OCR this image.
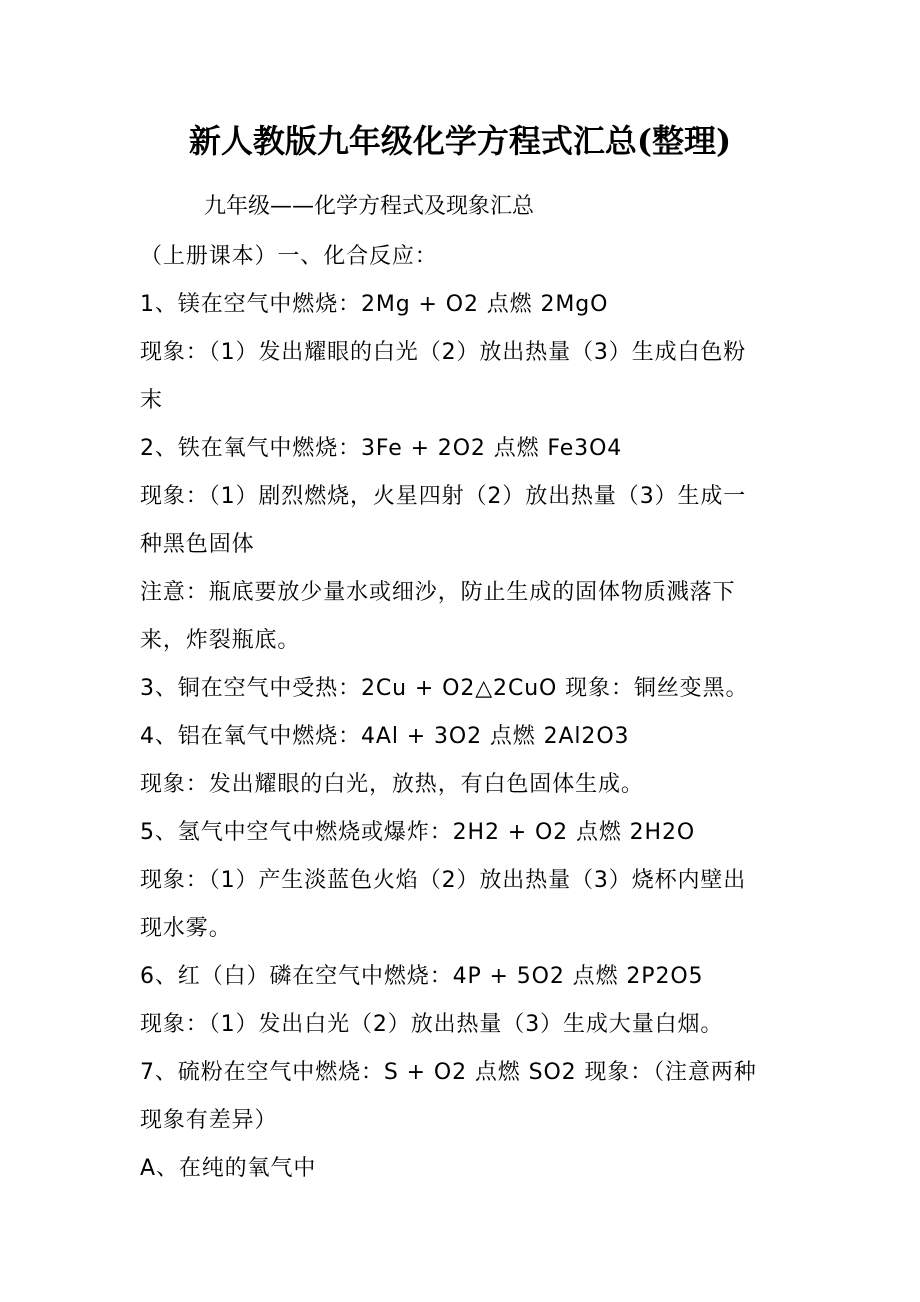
新人教版九年级化学方程式汇总(整理)
九年级——化学方程式及现象汇总

（上册课本）一、化合反应：

1、镁在空气中燃烧：2Mg + O2 点燃 2MgO

现象：（1）发出耀眼的白光（2）放出热量（3）生成白色粉

末

2、铁在氧气中燃烧：3Fe + 2O2 点燃 Fe3O4

现象：（1）剧烈燃烧，火星四射（2）放出热量（3）生成一

种黑色固体

注意：瓶底要放少量水或细沙，防止生成的固体物质溅落下

来，炸裂瓶底。

3、铜在空气中受热：2Cu + O2△2CuO 现象：铜丝变黑。

4、铝在氧气中燃烧：4Al + 3O2 点燃 2Al2O3

现象：发出耀眼的白光，放热，有白色固体生成。

5、氢气中空气中燃烧或爆炸：2H2 + O2 点燃 2H2O

现象：（1）产生淡蓝色火焰（2）放出热量（3）烧杯内壁出

现水雾。

6、红（白）磷在空气中燃烧：4P + 5O2 点燃 2P2O5

现象：（1）发出白光（2）放出热量（3）生成大量白烟。

7、硫粉在空气中燃烧：S + O2 点燃 SO2 现象：（注意两种

现象有差异）

A、在纯的氧气中
